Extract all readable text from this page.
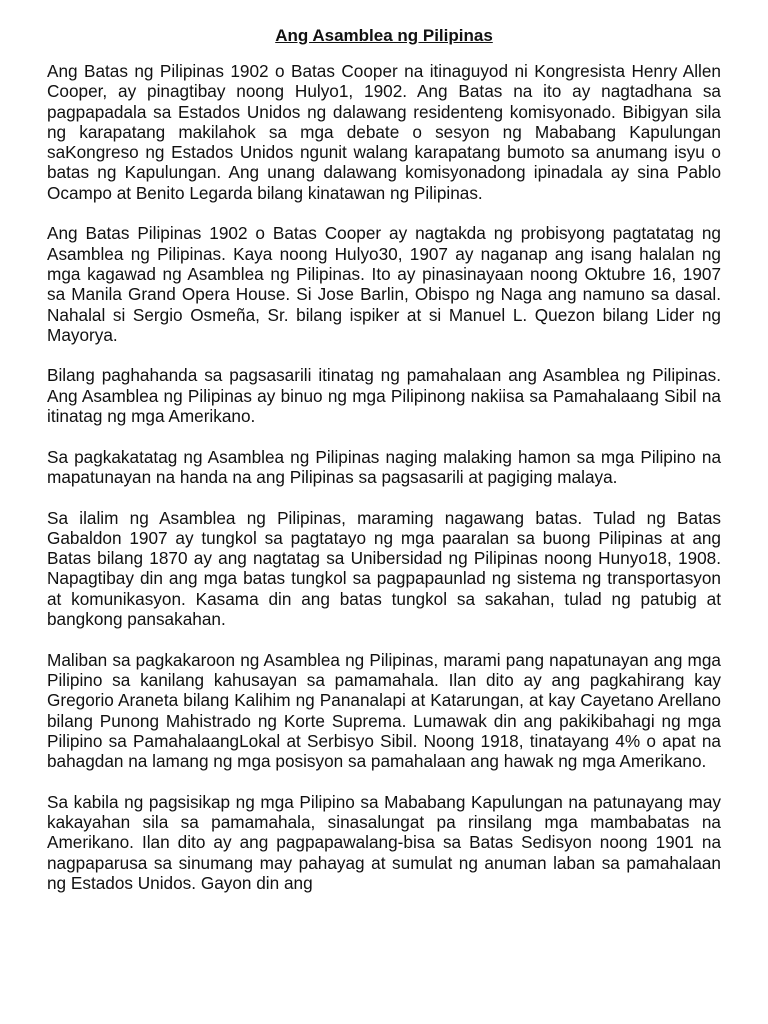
Ang Asamblea ng Pilipinas

Ang Batas ng Pilipinas 1902 o Batas Cooper na itinaguyod ni Kongresista Henry Allen Cooper, ay pinagtibay noong Hulyo1, 1902. Ang Batas na ito ay nagtadhana sa pagpapadala sa Estados Unidos ng dalawang residenteng komisyonado. Bibigyan sila ng karapatang makilahok sa mga debate o sesyon ng Mababang Kapulungan saKongreso ng Estados Unidos ngunit walang karapatang bumoto sa anumang isyu o batas ng Kapulungan. Ang unang dalawang komisyonadong ipinadala ay sina Pablo Ocampo at Benito Legarda bilang kinatawan ng Pilipinas.

Ang Batas Pilipinas 1902 o Batas Cooper ay nagtakda ng probisyong pagtatatag ng Asamblea ng Pilipinas. Kaya noong Hulyo30, 1907 ay naganap ang isang halalan ng mga kagawad ng Asamblea ng Pilipinas. Ito ay pinasinayaan noong Oktubre 16, 1907 sa Manila Grand Opera House. Si Jose Barlin, Obispo ng Naga ang namuno sa dasal. Nahalal si Sergio Osmeña, Sr. bilang ispiker at si Manuel L. Quezon bilang Lider ng Mayorya.

Bilang paghahanda sa pagsasarili itinatag ng pamahalaan ang Asamblea ng Pilipinas. Ang Asamblea ng Pilipinas ay binuo ng mga Pilipinong nakiisa sa Pamahalaang Sibil na itinatag ng mga Amerikano.

Sa pagkakatatag ng Asamblea ng Pilipinas naging malaking hamon sa mga Pilipino na mapatunayan na handa na ang Pilipinas sa pagsasarili at pagiging malaya.

Sa ilalim ng Asamblea ng Pilipinas, maraming nagawang batas. Tulad ng Batas Gabaldon 1907 ay tungkol sa pagtatayo ng mga paaralan sa buong Pilipinas at ang Batas bilang 1870 ay ang nagtatag sa Unibersidad ng Pilipinas noong Hunyo18, 1908. Napagtibay din ang mga batas tungkol sa pagpapaunlad ng sistema ng transportasyon at komunikasyon. Kasama din ang batas tungkol sa sakahan, tulad ng patubig at bangkong pansakahan.

Maliban sa pagkakaroon ng Asamblea ng Pilipinas, marami pang napatunayan ang mga Pilipino sa kanilang kahusayan sa pamamahala. Ilan dito ay ang pagkahirang kay Gregorio Araneta bilang Kalihim ng Pananalapi at Katarungan, at kay Cayetano Arellano bilang Punong Mahistrado ng Korte Suprema. Lumawak din ang pakikibahagi ng mga Pilipino sa PamahalaangLokal at Serbisyo Sibil. Noong 1918, tinatayang 4% o apat na bahagdan na lamang ng mga posisyon sa pamahalaan ang hawak ng mga Amerikano.

Sa kabila ng pagsisikap ng mga Pilipino sa Mababang Kapulungan na patunayang may kakayahan sila sa pamamahala, sinasalungat pa rinsilang mga mambabatas na Amerikano. Ilan dito ay ang pagpapawalang-bisa sa Batas Sedisyon noong 1901 na nagpaparusa sa sinumang may pahayag at sumulat ng anuman laban sa pamahalaan ng Estados Unidos. Gayon din ang
